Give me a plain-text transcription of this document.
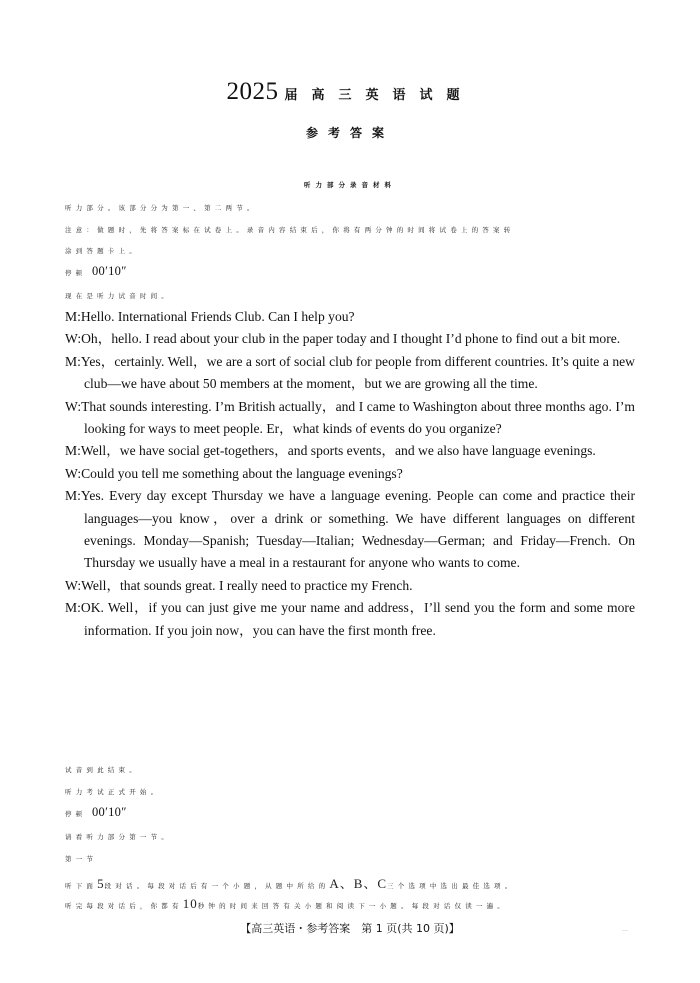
2025 届高三英语试题
参考答案
听力部分录音材料
听力部分。该部分分为第一、第二两节。
注意：做题时，先将答案标在试卷上。录音内容结束后，你将有两分钟的时间将试卷上的答案转
涂到答题卡上。
停顿 00′10″
现在是听力试音时间。

M:Hello. International Friends Club. Can I help you?

W:Oh，hello. I read about your club in the paper today and I thought I’d phone to find out a bit more.

M:Yes，certainly. Well，we are a sort of social club for people from different countries. It’s quite a new club—we have about 50 members at the moment，but we are growing all the time.

W:That sounds interesting. I’m British actually，and I came to Washington about three months ago. I’m looking for ways to meet people. Er，what kinds of events do you organize?

M:Well，we have social get-togethers，and sports events，and we also have language evenings.

W:Could you tell me something about the language evenings?

M:Yes. Every day except Thursday we have a language evening. People can come and practice their languages—you know，over a drink or something. We have different languages on different evenings. Monday—Spanish; Tuesday—Italian; Wednesday—German; and Friday—French. On Thursday we usually have a meal in a restaurant for anyone who wants to come.

W:Well，that sounds great. I really need to practice my French.

M:OK. Well，if you can just give me your name and address，I’ll send you the form and some more information. If you join now，you can have the first month free.

试音到此结束。
听力考试正式开始。
停顿 00′10″
请看听力部分第一节。
第一节
听下面5段对话。每段对话后有一个小题，从题中所给的A、B、C三个选项中选出最佳选项。
听完每段对话后，你都有10秒钟的时间来回答有关小题和阅读下一小题。每段对话仅读一遍。
【高三英语・参考答案　第 1 页(共 10 页)】	…
